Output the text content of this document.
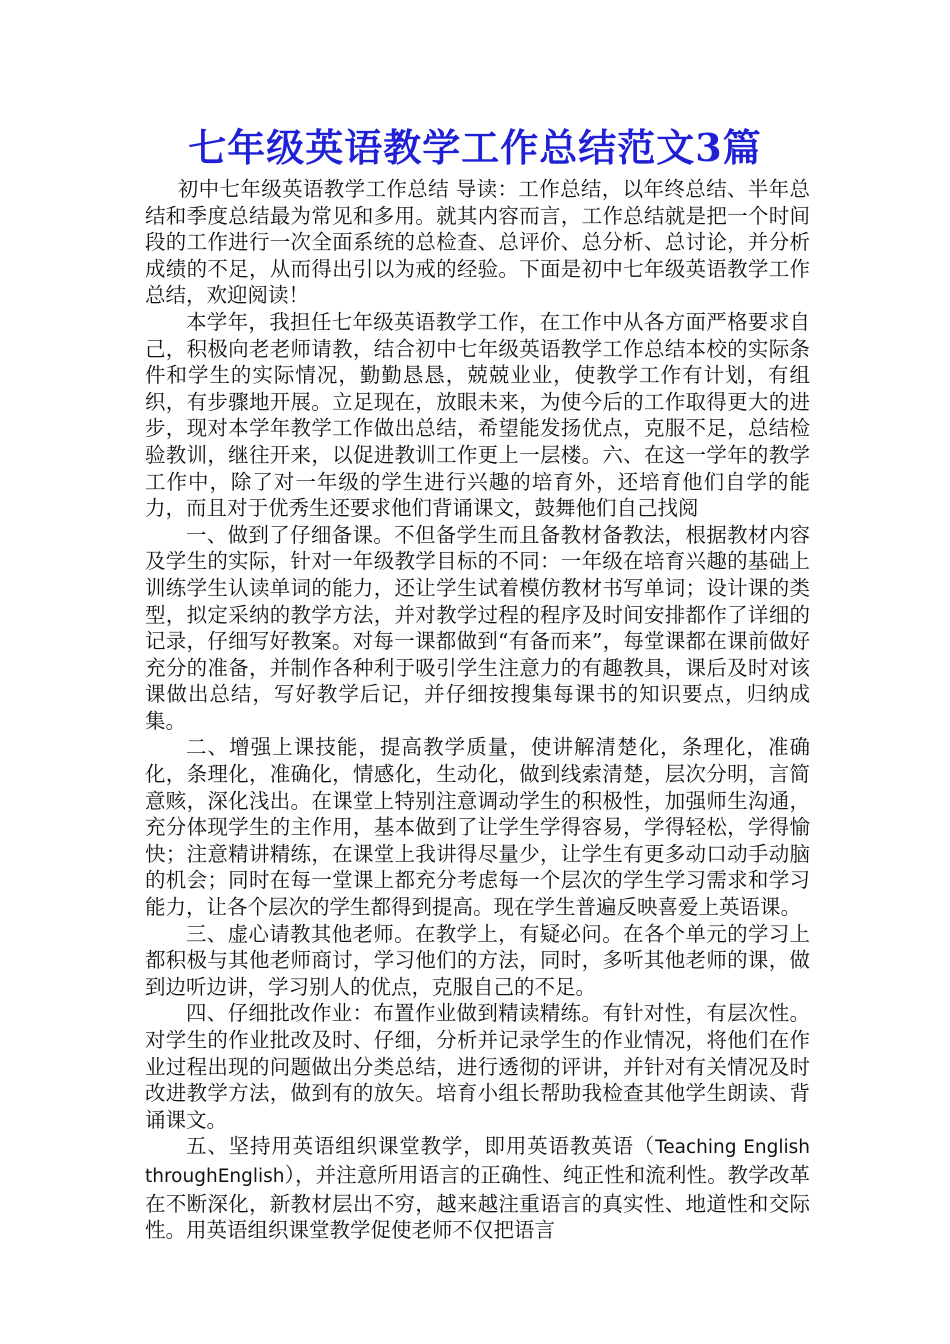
七年级英语教学工作总结范文3篇

初中七年级英语教学工作总结 导读：工作总结，以年终总结、半年总结和季度总结最为常见和多用。就其内容而言，工作总结就是把一个时间段的工作进行一次全面系统的总检查、总评价、总分析、总讨论，并分析成绩的不足，从而得出引以为戒的经验。下面是初中七年级英语教学工作总结，欢迎阅读！

本学年，我担任七年级英语教学工作，在工作中从各方面严格要求自己，积极向老老师请教，结合初中七年级英语教学工作总结本校的实际条件和学生的实际情况，勤勤恳恳，兢兢业业，使教学工作有计划，有组织，有步骤地开展。立足现在，放眼未来，为使今后的工作取得更大的进步，现对本学年教学工作做出总结，希望能发扬优点，克服不足，总结检验教训，继往开来，以促进教训工作更上一层楼。六、在这一学年的教学工作中，除了对一年级的学生进行兴趣的培育外，还培育他们自学的能力，而且对于优秀生还要求他们背诵课文，鼓舞他们自己找阅

一、做到了仔细备课。不但备学生而且备教材备教法，根据教材内容及学生的实际，针对一年级教学目标的不同：一年级在培育兴趣的基础上训练学生认读单词的能力，还让学生试着模仿教材书写单词；设计课的类型，拟定采纳的教学方法，并对教学过程的程序及时间安排都作了详细的记录，仔细写好教案。对每一课都做到“有备而来”，每堂课都在课前做好充分的准备，并制作各种利于吸引学生注意力的有趣教具，课后及时对该课做出总结，写好教学后记，并仔细按搜集每课书的知识要点，归纳成集。

二、增强上课技能，提高教学质量，使讲解清楚化，条理化，准确化，条理化，准确化，情感化，生动化，做到线索清楚，层次分明，言简意赅，深化浅出。在课堂上特别注意调动学生的积极性，加强师生沟通，充分体现学生的主作用，基本做到了让学生学得容易，学得轻松，学得愉快；注意精讲精练，在课堂上我讲得尽量少，让学生有更多动口动手动脑的机会；同时在每一堂课上都充分考虑每一个层次的学生学习需求和学习能力，让各个层次的学生都得到提高。现在学生普遍反映喜爱上英语课。

三、虚心请教其他老师。在教学上，有疑必问。在各个单元的学习上都积极与其他老师商讨，学习他们的方法，同时，多听其他老师的课，做到边听边讲，学习别人的优点，克服自己的不足。

四、仔细批改作业：布置作业做到精读精练。有针对性，有层次性。对学生的作业批改及时、仔细，分析并记录学生的作业情况，将他们在作业过程出现的问题做出分类总结，进行透彻的评讲，并针对有关情况及时改进教学方法，做到有的放矢。培育小组长帮助我检查其他学生朗读、背诵课文。

五、坚持用英语组织课堂教学，即用英语教英语（Teaching English throughEnglish），并注意所用语言的正确性、纯正性和流利性。教学改革在不断深化，新教材层出不穷，越来越注重语言的真实性、地道性和交际性。用英语组织课堂教学促使老师不仅把语言
